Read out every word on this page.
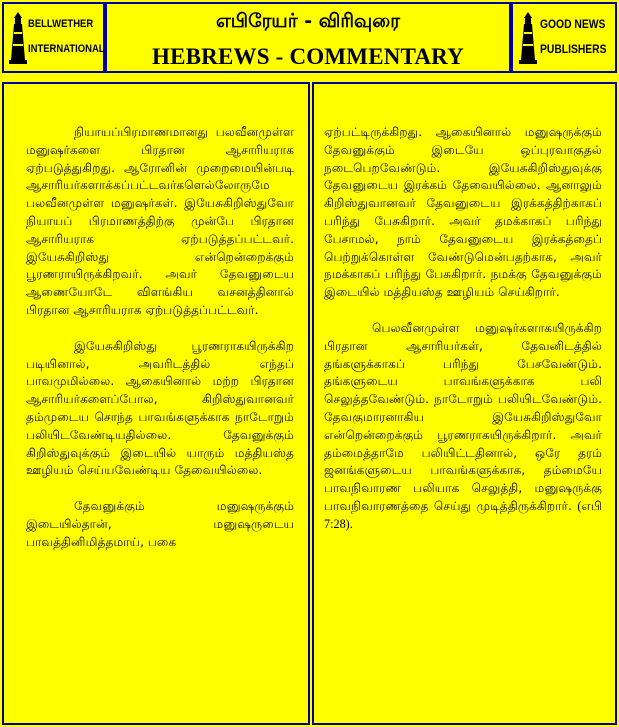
BELLWETHER
INTERNATIONAL
எபிரேயர் - விரிவுரை
HEBREWS - COMMENTARY
GOOD NEWS
PUBLISHERS

நியாயப்பிரமாணமானது பலவீனமுள்ள மனுஷர்களை பிரதான ஆசாரியராக ஏற்படுத்துகிறது. ஆரோனின் முறைமையின்படி ஆசாரியர்களாக்கப்பட்டவர்களெல்லோருமே பலவீனமுள்ள மனுஷர்கள். இயேசுகிறிஸ்துவோ நியாயப் பிரமாணத்திற்கு முன்பே பிரதான ஆசாரியராக ஏற்படுத்தப்பட்டவர். இயேசுகிறிஸ்து என்றென்றைக்கும் பூரணராயிருக்கிறவர். அவர் தேவனுடைய ஆணையோடே விளங்கிய வசனத்தினால் பிரதான ஆசாரியராக ஏற்படுத்தப்பட்டவர்.

இயேசுகிறிஸ்து பூரணராகயிருக்கிற படியினால், அவரிடத்தில் எந்தப் பாவமுமில்லை. ஆகையினால் மற்ற பிரதான ஆசாரியர்களைப்போல, கிறிஸ்துவானவர் தம்முடைய சொந்த பாவங்களுக்காக நாடோறும் பலியிடவேண்டியதில்லை. தேவனுக்கும் கிறிஸ்துவுக்கும் இடையில் யாரும் மத்தியஸ்த ஊழியம் செய்யவேண்டிய தேவையில்லை.

தேவனுக்கும் மனுஷருக்கும் இடையில்தான், மனுஷருடைய பாவத்தினிமித்தமாய், பகை

ஏற்பட்டிருக்கிறது. ஆகையினால் மனுஷருக்கும் தேவனுக்கும் இடையே ஒப்புரவாகுதல் நடைபெறவேண்டும். இயேசுகிறிஸ்துவுக்கு தேவனுடைய இரக்கம் தேவையில்லை. ஆனாலும் கிறிஸ்துவானவர் தேவனுடைய இரக்கத்திற்காகப் பரிந்து பேசுகிறார். அவர் தமக்காகப் பரிந்து பேசாமல், நாம் தேவனுடைய இரக்கத்தைப் பெற்றுக்கொள்ள வேண்டுமென்பதற்காக, அவர் நமக்காகப் பரிந்து பேசுகிறார். நமக்கு தேவனுக்கும் இடையில் மத்தியஸ்த ஊழியம் செய்கிறார்.

பெலவீனமுள்ள மனுஷர்களாகயிருக்கிற பிரதான ஆசாரியர்கள், தேவனிடத்தில் தங்களுக்காகப் பரிந்து பேசவேண்டும். தங்களுடைய பாவங்களுக்காக பலி செலுத்தவேண்டும். நாடோறும் பலியிடவேண்டும். தேவகுமாரனாகிய இயேசுகிறிஸ்துவோ என்றென்றைக்கும் பூரணராகயிருக்கிறார். அவர் தம்மைத்தாமே பலியிட்டதினால், ஒரே தரம் ஜனங்களுடைய பாவங்களுக்காக, தம்மையே பாவநிவாரண பலியாக செலுத்தி, மனுஷருக்கு பாவநிவாரணத்தை செய்து முடித்திருக்கிறார். (எபி 7:28).
